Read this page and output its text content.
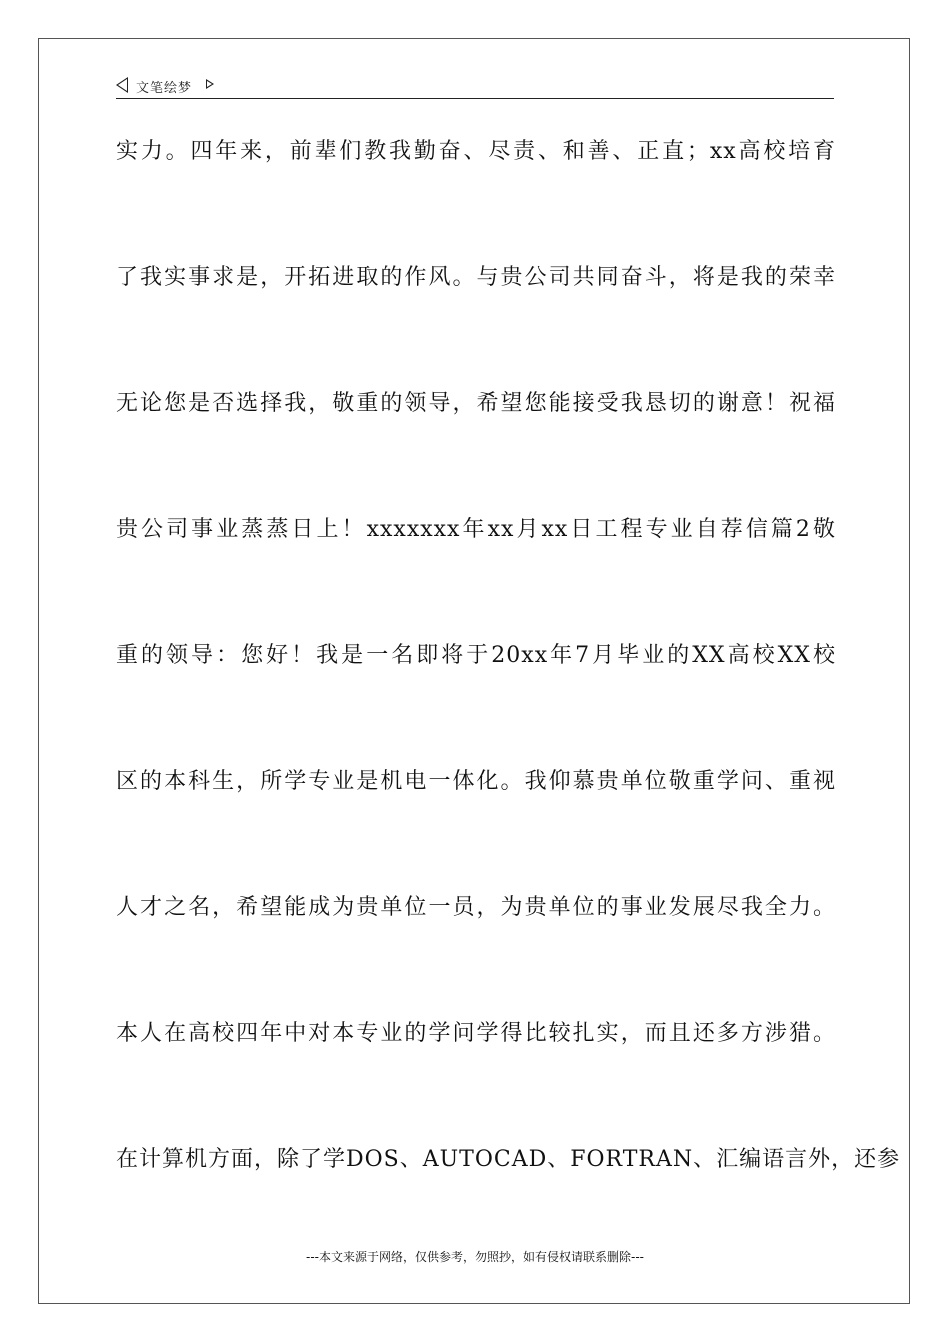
文笔绘梦
实力。四年来，前辈们教我勤奋、尽责、和善、正直；xx高校培育
了我实事求是，开拓进取的作风。与贵公司共同奋斗，将是我的荣幸
无论您是否选择我，敬重的领导，希望您能接受我恳切的谢意！祝福
贵公司事业蒸蒸日上！xxxxxxx年xx月xx日工程专业自荐信篇2敬
重的领导：您好！我是一名即将于20xx年7月毕业的XX高校XX校
区的本科生，所学专业是机电一体化。我仰慕贵单位敬重学问、重视
人才之名，希望能成为贵单位一员，为贵单位的事业发展尽我全力。
本人在高校四年中对本专业的学问学得比较扎实，而且还多方涉猎。
在计算机方面，除了学DOS、AUTOCAD、FORTRAN、汇编语言外，还参
---本文来源于网络，仅供参考，勿照抄，如有侵权请联系删除---
